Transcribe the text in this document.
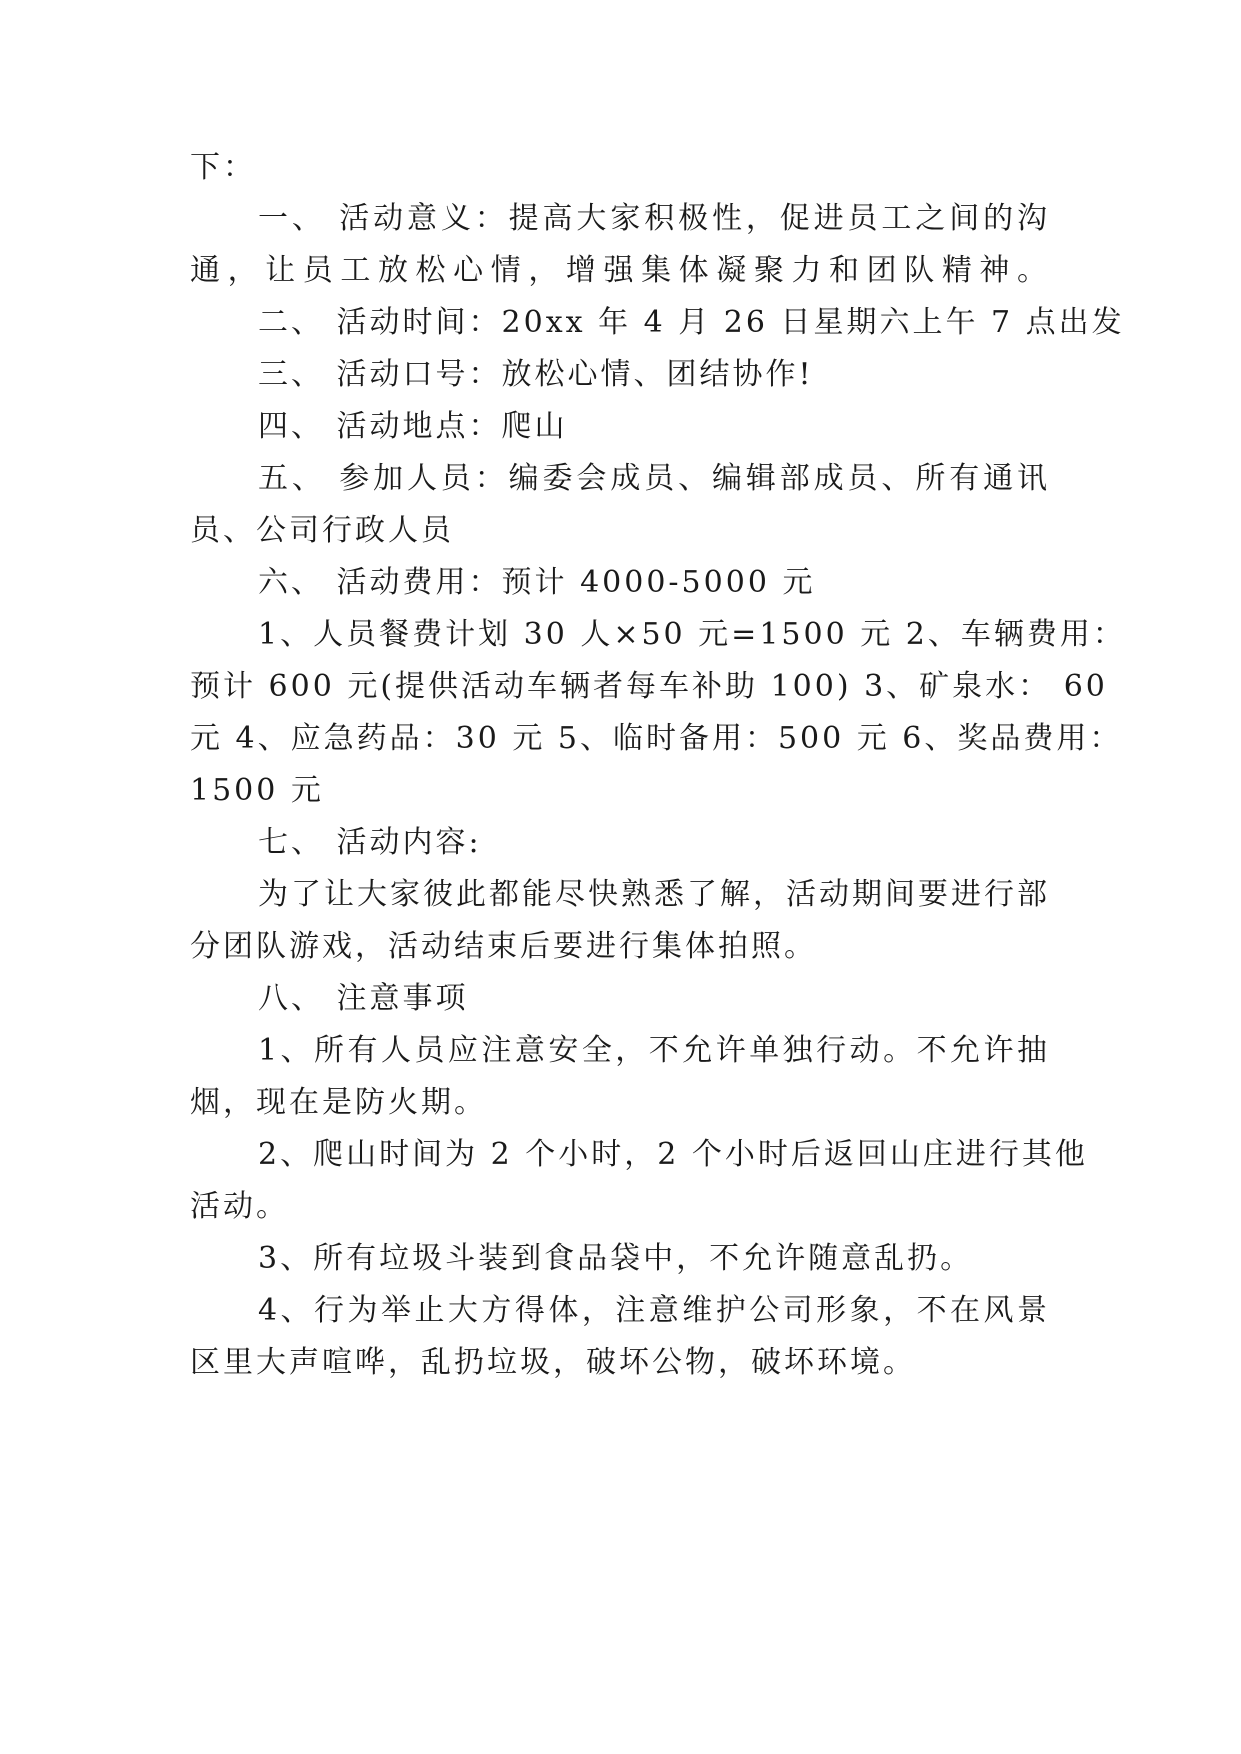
下：
一、 活动意义：提高大家积极性，促进员工之间的沟
通，让员工放松心情，增强集体凝聚力和团队精神。
二、 活动时间：20xx 年 4 月 26 日星期六上午 7 点出发
三、 活动口号：放松心情、团结协作!
四、 活动地点：爬山
五、 参加人员：编委会成员、编辑部成员、所有通讯
员、公司行政人员
六、 活动费用：预计 4000-5000 元
1、人员餐费计划 30 人×50 元=1500 元 2、车辆费用：
预计 600 元(提供活动车辆者每车补助 100) 3、矿泉水： 60
元 4、应急药品：30 元 5、临时备用：500 元 6、奖品费用：
1500 元
七、 活动内容:
为了让大家彼此都能尽快熟悉了解，活动期间要进行部
分团队游戏，活动结束后要进行集体拍照。
八、 注意事项
1、所有人员应注意安全，不允许单独行动。不允许抽
烟，现在是防火期。
2、爬山时间为 2 个小时，2 个小时后返回山庄进行其他
活动。
3、所有垃圾斗装到食品袋中，不允许随意乱扔。
4、行为举止大方得体，注意维护公司形象，不在风景
区里大声喧哗，乱扔垃圾，破坏公物，破坏环境。
